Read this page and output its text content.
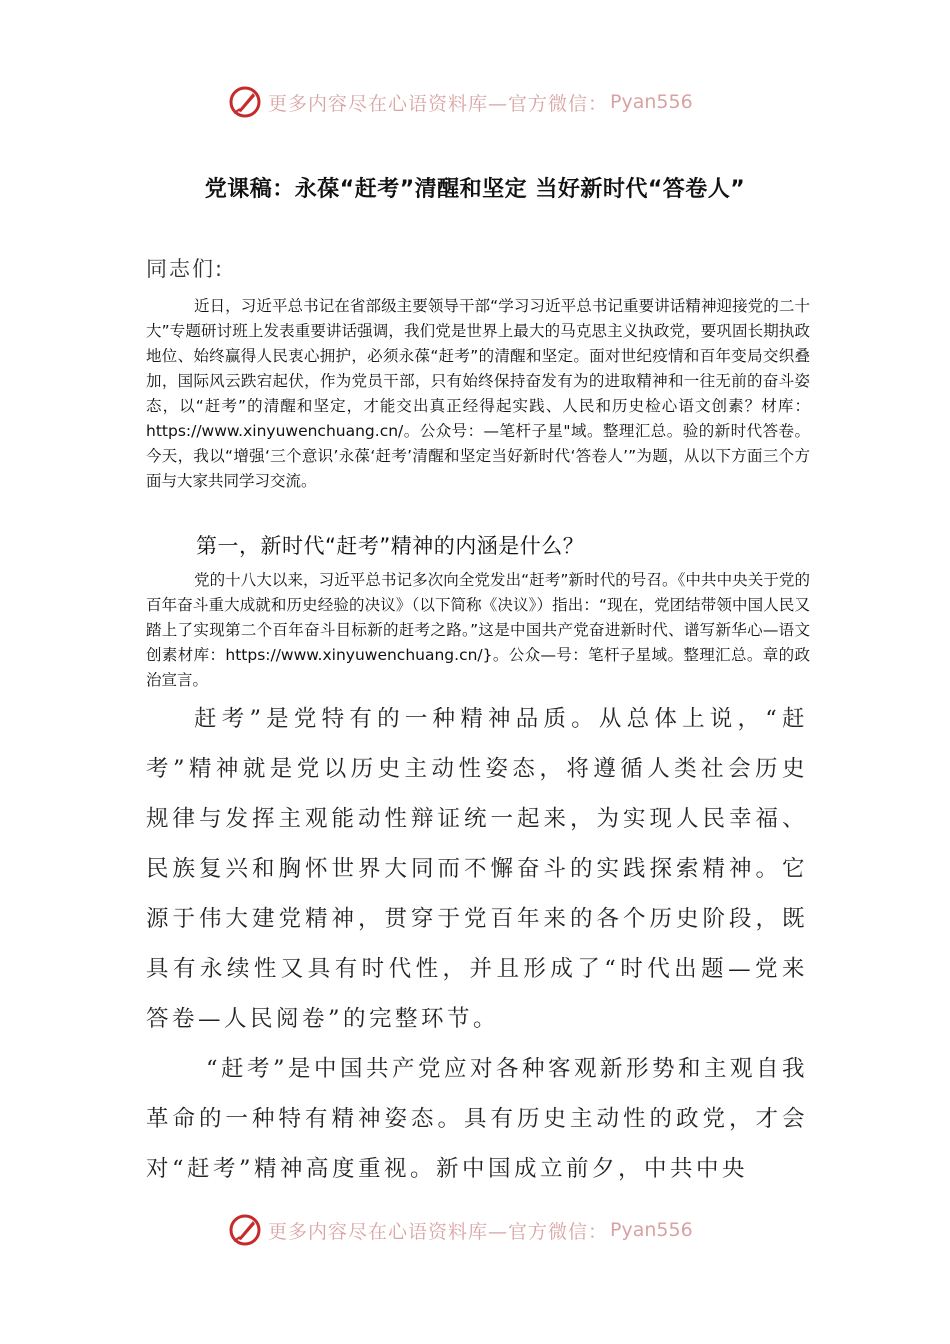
更多内容尽在心语资料库—官方微信： Pyan556
党课稿：永葆“赶考”清醒和坚定 当好新时代“答卷人”
同志们:

近日，习近平总书记在省部级主要领导干部“学习习近平总书记重要讲话精神迎接党的二十大”专题研讨班上发表重要讲话强调，我们党是世界上最大的马克思主义执政党，要巩固长期执政地位、始终赢得人民衷心拥护，必须永葆“赶考”的清醒和坚定。面对世纪疫情和百年变局交织叠加，国际风云跌宕起伏，作为党员干部，只有始终保持奋发有为的进取精神和一往无前的奋斗姿态，以“赶考”的清醒和坚定，才能交出真正经得起实践、人民和历史检心语文创素？材库：https://www.xinyuwenchuang.cn/。公众号：—笔杆子星"域。整理汇总。验的新时代答卷。今天，我以“增强‘三个意识’永葆‘赶考’清醒和坚定当好新时代‘答卷人’”为题，从以下方面三个方面与大家共同学习交流。

第一，新时代“赶考”精神的内涵是什么？

党的十八大以来，习近平总书记多次向全党发出“赶考”新时代的号召。《中共中央关于党的百年奋斗重大成就和历史经验的决议》（以下简称《决议》）指出：“现在，党团结带领中国人民又踏上了实现第二个百年奋斗目标新的赶考之路。”这是中国共产党奋进新时代、谱写新华心—语文创素材库：https://www.xinyuwenchuang.cn/}。公众—号：笔杆子星域。整理汇总。章的政治宣言。

赶考”是党特有的一种精神品质。从总体上说，“赶考”精神就是党以历史主动性姿态，将遵循人类社会历史规律与发挥主观能动性辩证统一起来，为实现人民幸福、民族复兴和胸怀世界大同而不懈奋斗的实践探索精神。它源于伟大建党精神，贯穿于党百年来的各个历史阶段，既具有永续性又具有时代性，并且形成了“时代出题—党来答卷—人民阅卷”的完整环节。

“赶考”是中国共产党应对各种客观新形势和主观自我革命的一种特有精神姿态。具有历史主动性的政党，才会对“赶考”精神高度重视。新中国成立前夕，中共中央

更多内容尽在心语资料库—官方微信： Pyan556
